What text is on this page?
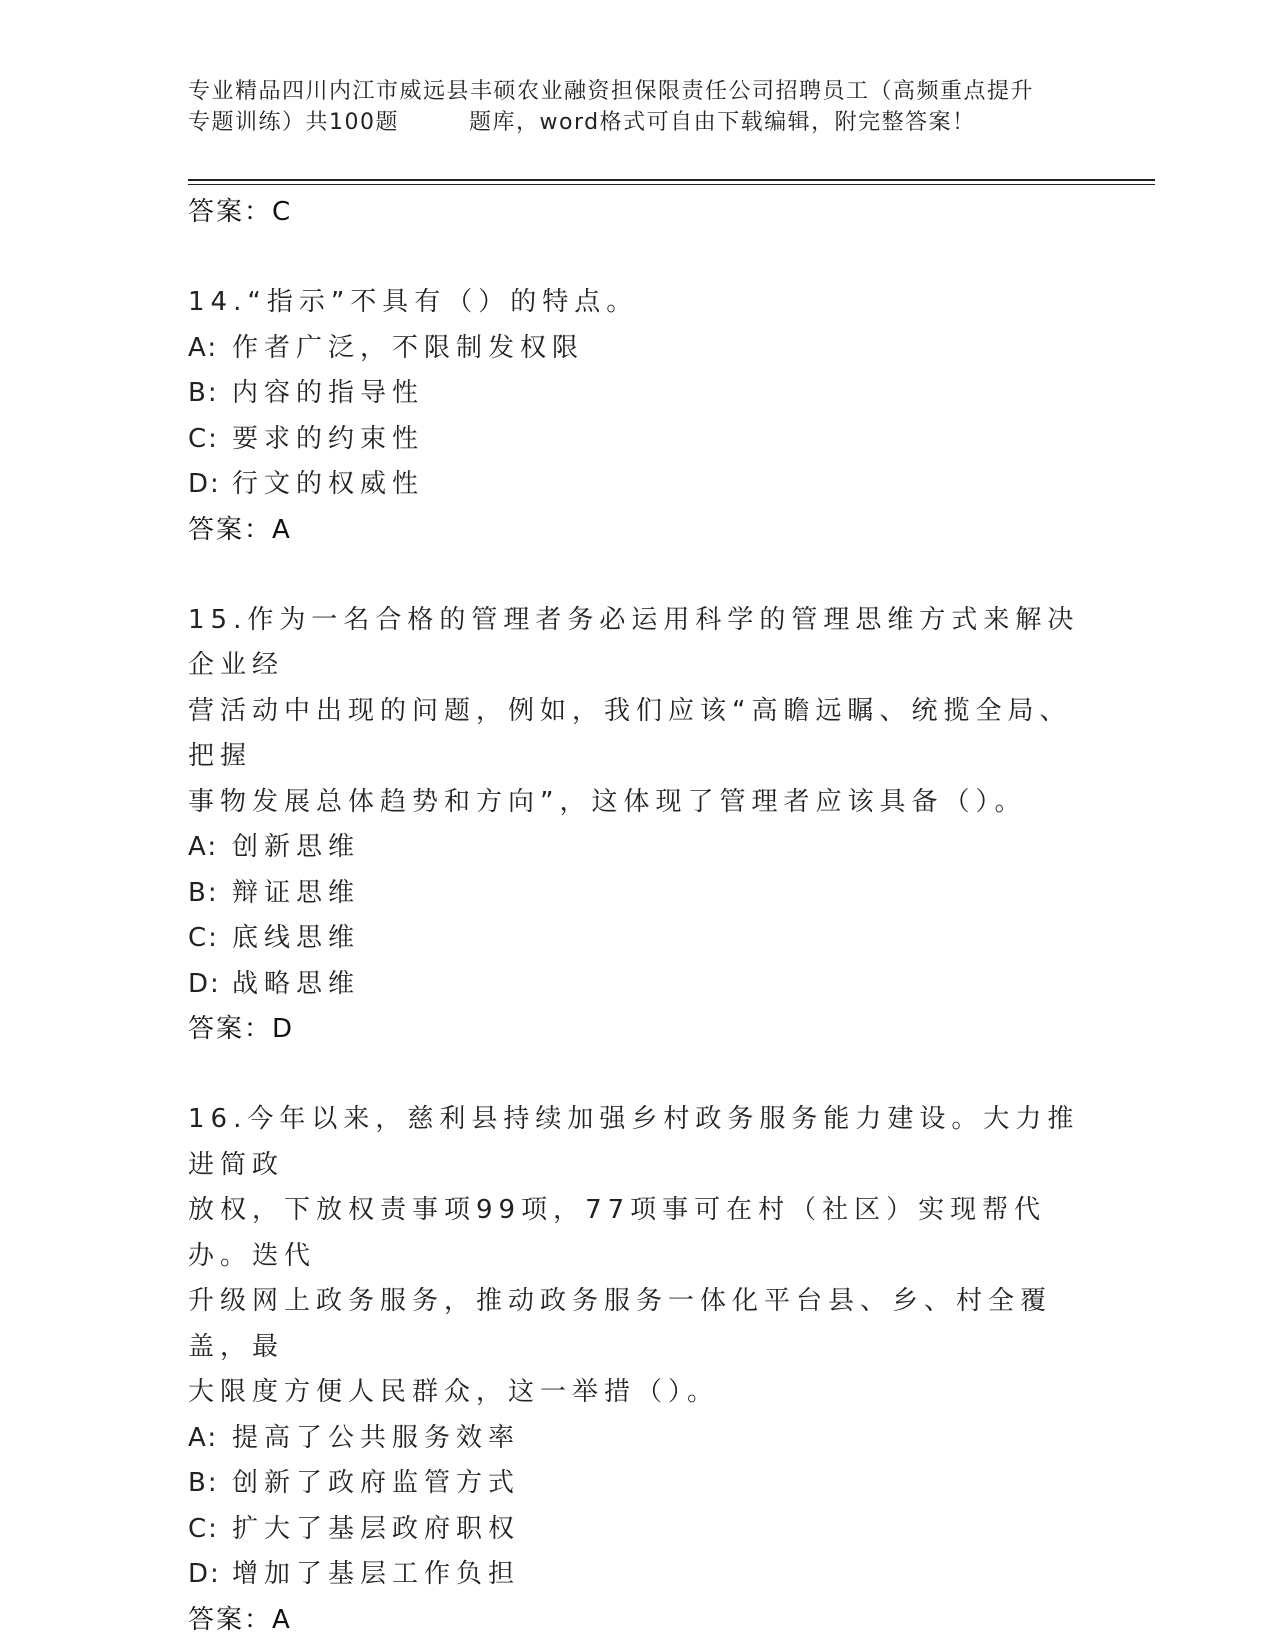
专业精品四川内江市威远县丰硕农业融资担保限责任公司招聘员工（高频重点提升
专题训练）共100题	题库，word格式可自由下载编辑，附完整答案！
答案：C
14.“指示”不具有（）的特点。
A: 作者广泛，不限制发权限
B: 内容的指导性
C: 要求的约束性
D: 行文的权威性
答案：A
15.作为一名合格的管理者务必运用科学的管理思维方式来解决企业经
营活动中出现的问题，例如，我们应该“高瞻远瞩、统揽全局、把握
事物发展总体趋势和方向”，这体现了管理者应该具备（）。
A: 创新思维
B: 辩证思维
C: 底线思维
D: 战略思维
答案：D
16.今年以来，慈利县持续加强乡村政务服务能力建设。大力推进简政
放权，下放权责事项99项，77项事可在村（社区）实现帮代办。迭代
升级网上政务服务，推动政务服务一体化平台县、乡、村全覆盖，最
大限度方便人民群众，这一举措（）。
A: 提高了公共服务效率
B: 创新了政府监管方式
C: 扩大了基层政府职权
D: 增加了基层工作负担
答案：A
